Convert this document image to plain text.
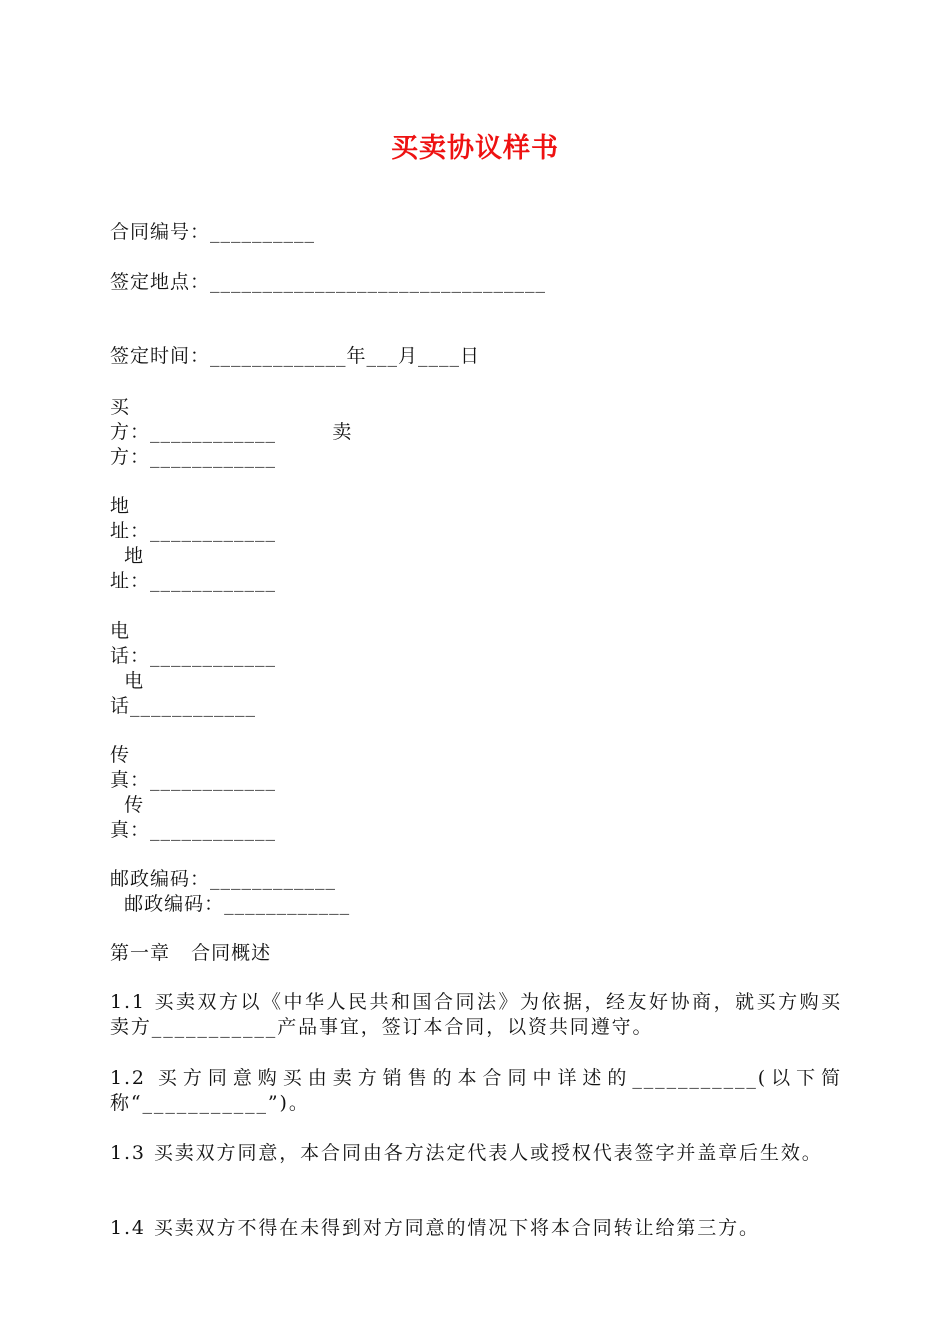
买卖协议样书
合同编号：__________
签定地点：________________________________
签定时间：_____________年___月____日
买
方：____________        卖
方：____________
地
址：____________
地
址：____________
电
话：____________
电
话____________
传
真：____________
传
真：____________
邮政编码：____________
邮政编码：____________
第一章   合同概述
1.1 买卖双方以《中华人民共和国合同法》为依据，经友好协商，就买方购买卖方___________产品事宜，签订本合同，以资共同遵守。
1.2 买方同意购买由卖方销售的本合同中详述的___________(以下简称“___________”)。
1.3 买卖双方同意，本合同由各方法定代表人或授权代表签字并盖章后生效。
1.4 买卖双方不得在未得到对方同意的情况下将本合同转让给第三方。
